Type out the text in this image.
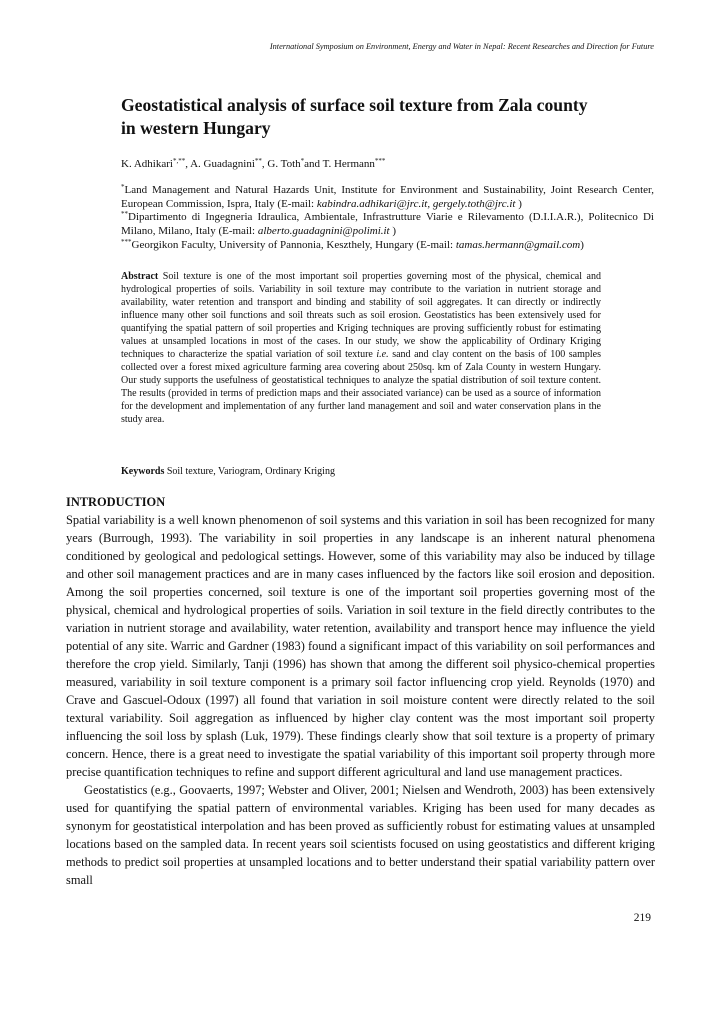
International Symposium on Environment, Energy and Water in Nepal: Recent Researches and Direction for Future
Geostatistical analysis of surface soil texture from Zala county
in western Hungary
K. Adhikari*,**, A. Guadagnini**, G. Toth*and T. Hermann***
*Land Management and Natural Hazards Unit, Institute for Environment and Sustainability, Joint Research Center, European Commission, Ispra, Italy (E-mail: kabindra.adhikari@jrc.it, gergely.toth@jrc.it )
**Dipartimento di Ingegneria Idraulica, Ambientale, Infrastrutture Viarie e Rilevamento (D.I.I.A.R.), Politecnico Di Milano, Milano, Italy (E-mail: alberto.guadagnini@polimi.it )
***Georgikon Faculty, University of Pannonia, Keszthely, Hungary (E-mail: tamas.hermann@gmail.com)
Abstract Soil texture is one of the most important soil properties governing most of the physical, chemical and hydrological properties of soils. Variability in soil texture may contribute to the variation in nutrient storage and availability, water retention and transport and binding and stability of soil aggregates. It can directly or indirectly influence many other soil functions and soil threats such as soil erosion. Geostatistics has been extensively used for quantifying the spatial pattern of soil properties and Kriging techniques are proving sufficiently robust for estimating values at unsampled locations in most of the cases. In our study, we show the applicability of Ordinary Kriging techniques to characterize the spatial variation of soil texture i.e. sand and clay content on the basis of 100 samples collected over a forest mixed agriculture farming area covering about 250sq. km of Zala County in western Hungary. Our study supports the usefulness of geostatistical techniques to analyze the spatial distribution of soil texture content. The results (provided in terms of prediction maps and their associated variance) can be used as a source of information for the development and implementation of any further land management and soil and water conservation plans in the study area.
Keywords Soil texture, Variogram, Ordinary Kriging
INTRODUCTION

Spatial variability is a well known phenomenon of soil systems and this variation in soil has been recognized for many years (Burrough, 1993). The variability in soil properties in any landscape is an inherent natural phenomena conditioned by geological and pedological settings. However, some of this variability may also be induced by tillage and other soil management practices and are in many cases influenced by the factors like soil erosion and deposition. Among the soil properties concerned, soil texture is one of the important soil properties governing most of the physical, chemical and hydrological properties of soils. Variation in soil texture in the field directly contributes to the variation in nutrient storage and availability, water retention, availability and transport hence may influence the yield potential of any site. Warric and Gardner (1983) found a significant impact of this variability on soil performances and therefore the crop yield. Similarly, Tanji (1996) has shown that among the different soil physico-chemical properties measured, variability in soil texture component is a primary soil factor influencing crop yield. Reynolds (1970) and Crave and Gascuel-Odoux (1997) all found that variation in soil moisture content were directly related to the soil textural variability. Soil aggregation as influenced by higher clay content was the most important soil property influencing the soil loss by splash (Luk, 1979). These findings clearly show that soil texture is a property of primary concern. Hence, there is a great need to investigate the spatial variability of this important soil property through more precise quantification techniques to refine and support different agricultural and land use management practices.

Geostatistics (e.g., Goovaerts, 1997; Webster and Oliver, 2001; Nielsen and Wendroth, 2003) has been extensively used for quantifying the spatial pattern of environmental variables. Kriging has been used for many decades as synonym for geostatistical interpolation and has been proved as sufficiently robust for estimating values at unsampled locations based on the sampled data. In recent years soil scientists focused on using geostatistics and different kriging methods to predict soil properties at unsampled locations and to better understand their spatial variability pattern over small

219
